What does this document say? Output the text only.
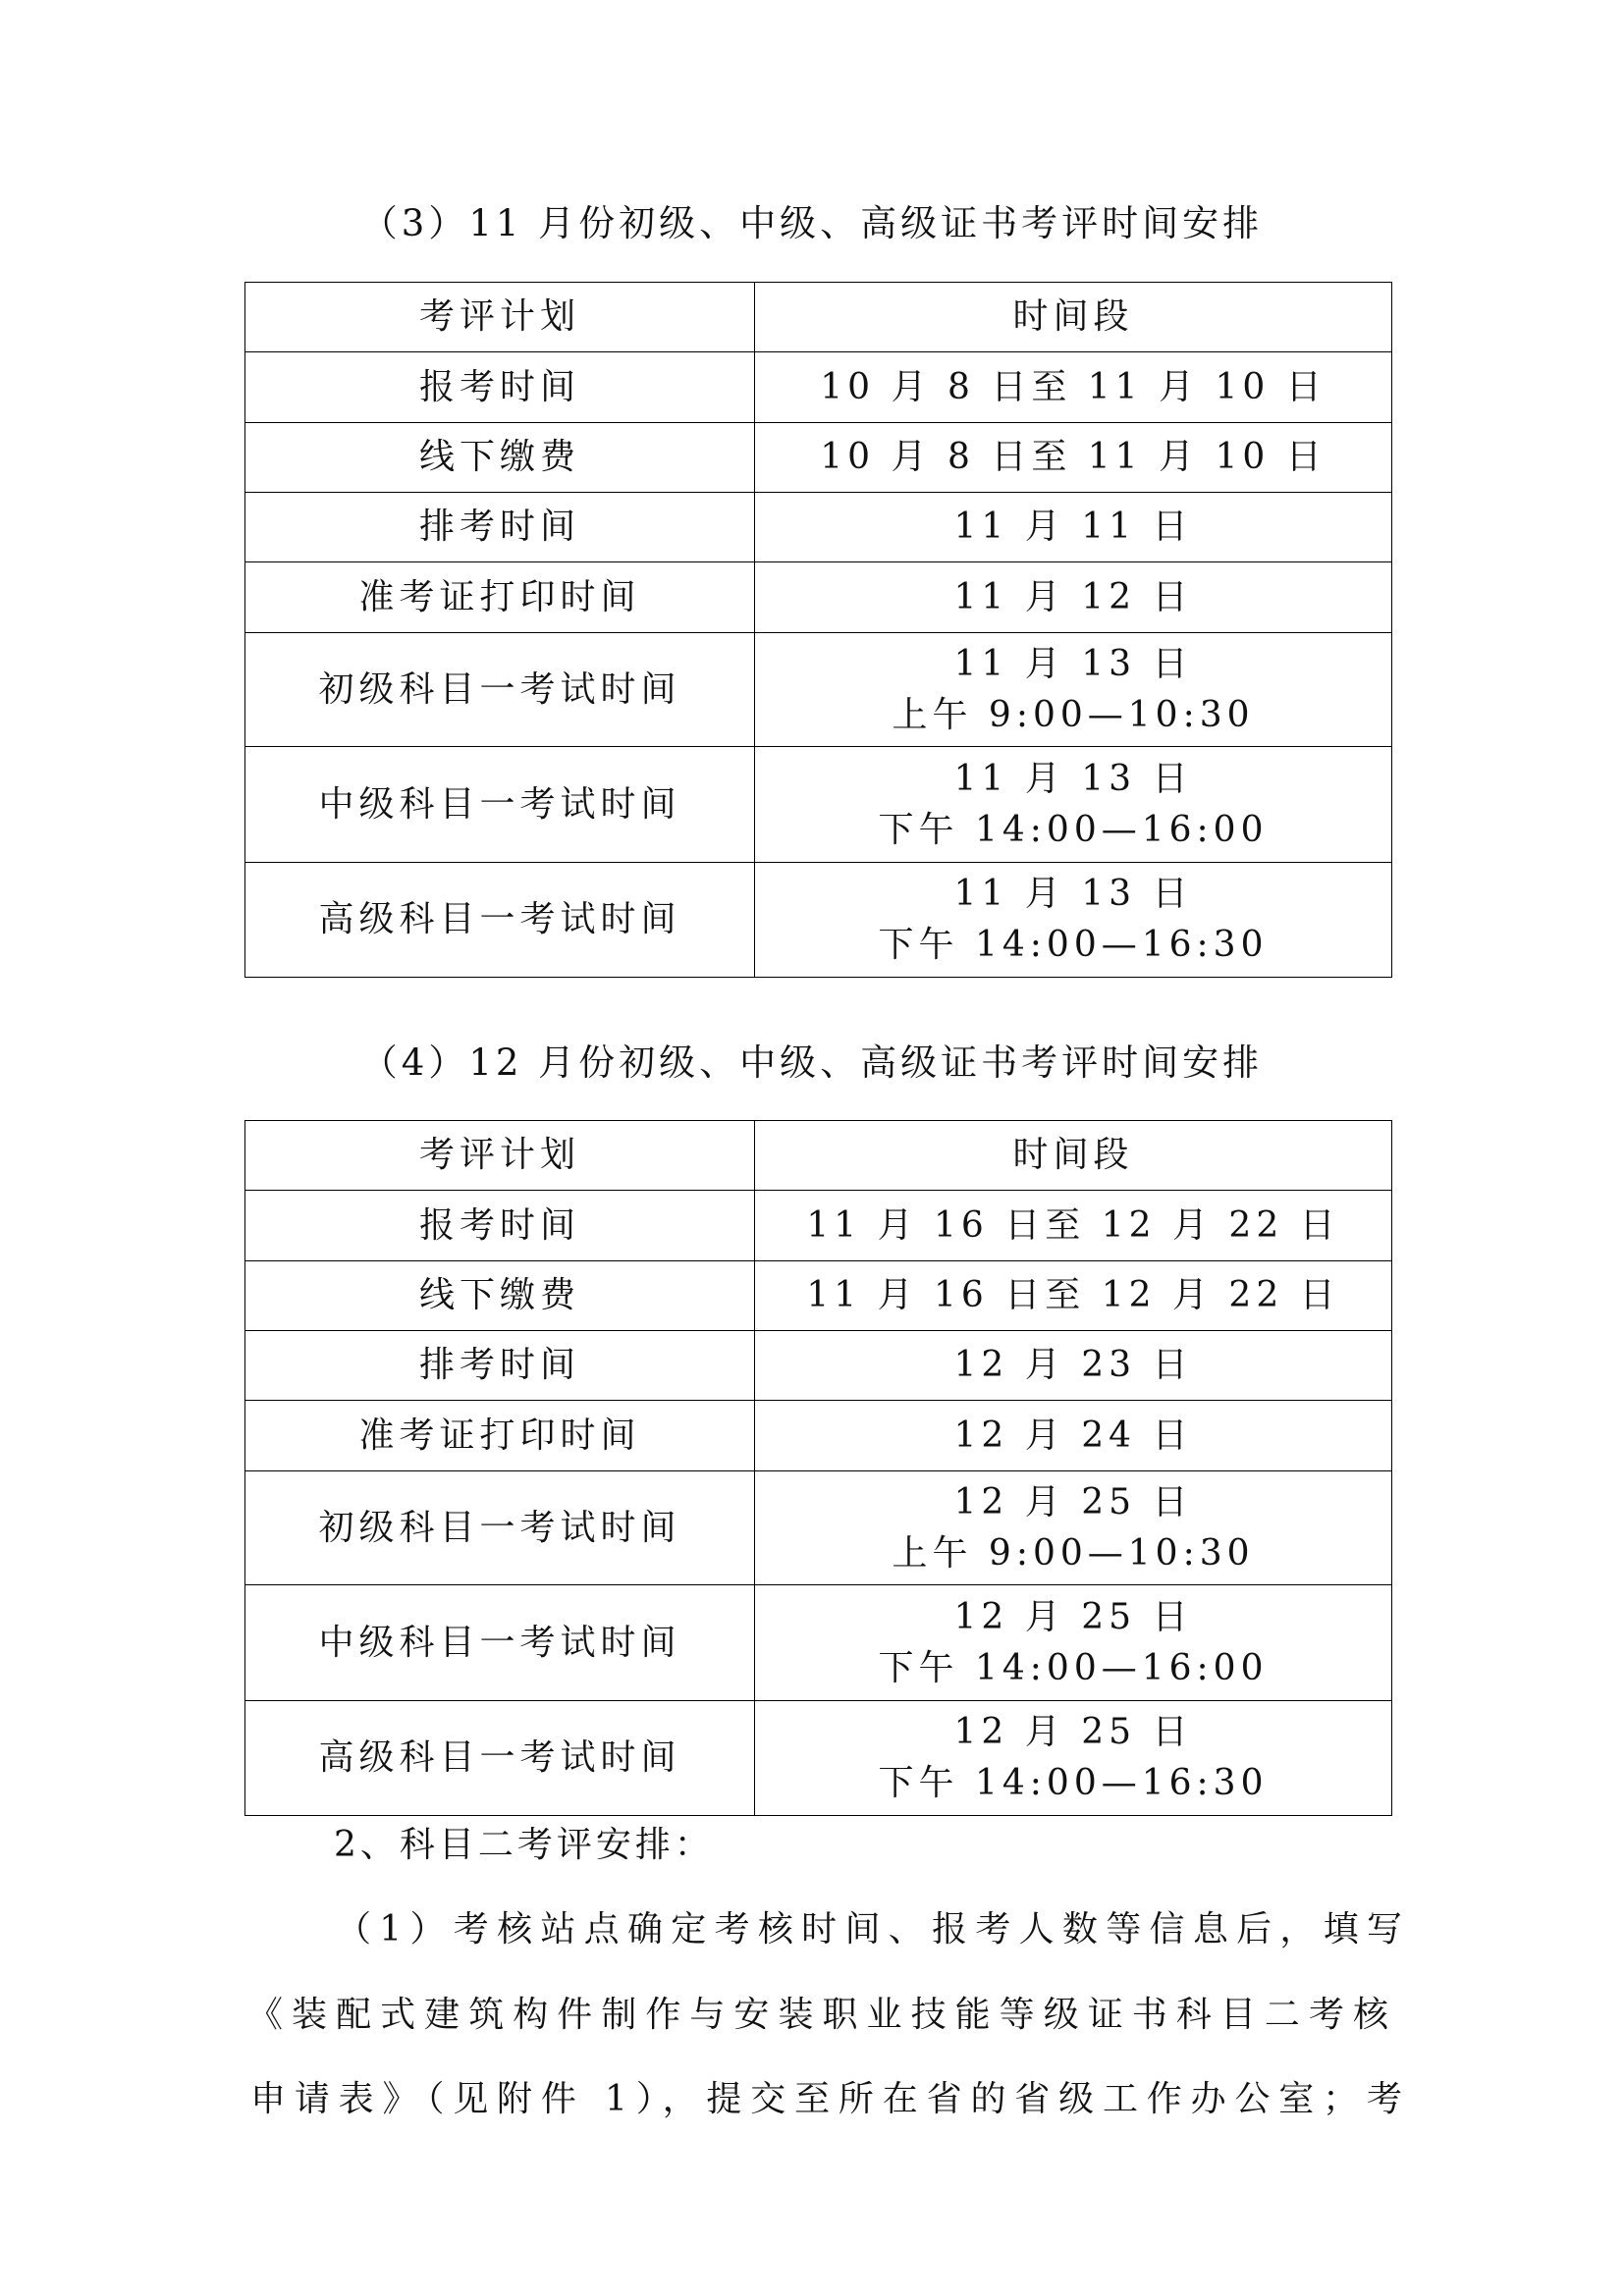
（3）11 月份初级、中级、高级证书考评时间安排
考评计划	时间段
报考时间	10 月 8 日至 11 月 10 日

线下缴费	10 月 8 日至 11 月 10 日

排考时间	11 月 11 日

准考证打印时间	11 月 12 日

初级科目一考试时间	11 月 13 日
上午 9:00—10:30

中级科目一考试时间	11 月 13 日
下午 14:00—16:00

高级科目一考试时间	11 月 13 日
下午 14:00—16:30
（4）12 月份初级、中级、高级证书考评时间安排
考评计划	时间段
报考时间	11 月 16 日至 12 月 22 日

线下缴费	11 月 16 日至 12 月 22 日

排考时间	12 月 23 日

准考证打印时间	12 月 24 日

初级科目一考试时间	12 月 25 日
上午 9:00—10:30

中级科目一考试时间	12 月 25 日
下午 14:00—16:00

高级科目一考试时间	12 月 25 日
下午 14:00—16:30
2、科目二考评安排：
（1）考核站点确定考核时间、报考人数等信息后，填写
《装配式建筑构件制作与安装职业技能等级证书科目二考核
申请表》（见附件 1），提交至所在省的省级工作办公室；考
